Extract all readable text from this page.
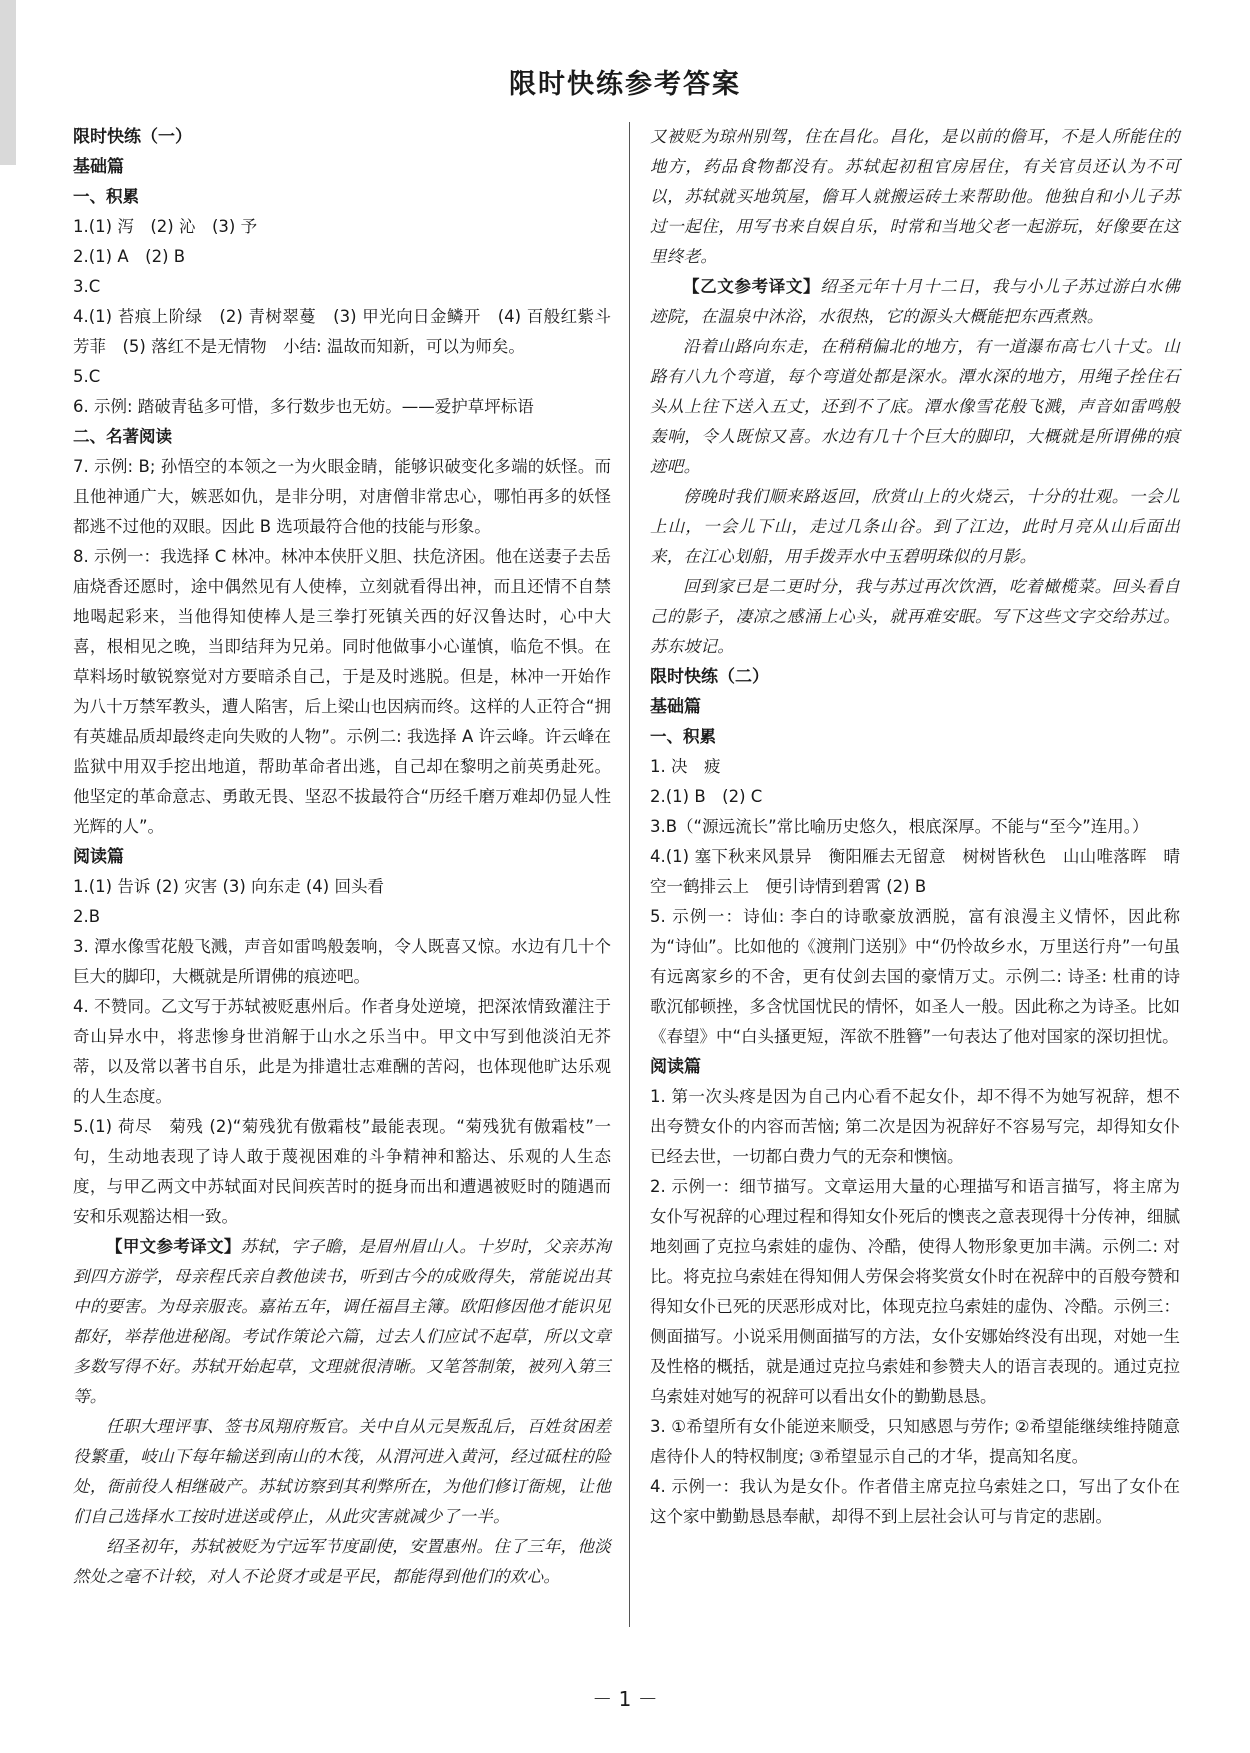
限时快练参考答案

限时快练（一）

基础篇

一、积累

1.(1) 泻　(2) 沁　(3) 予

2.(1) A　(2) B

3.C

4.(1) 苔痕上阶绿　(2) 青树翠蔓　(3) 甲光向日金鳞开　(4) 百般红紫斗芳菲　(5) 落红不是无情物　小结: 温故而知新，可以为师矣。

5.C

6. 示例: 踏破青毡多可惜，多行数步也无妨。——爱护草坪标语

二、名著阅读

7. 示例: B; 孙悟空的本领之一为火眼金睛，能够识破变化多端的妖怪。而且他神通广大，嫉恶如仇，是非分明，对唐僧非常忠心，哪怕再多的妖怪都逃不过他的双眼。因此 B 选项最符合他的技能与形象。

8. 示例一：我选择 C 林冲。林冲本侠肝义胆、扶危济困。他在送妻子去岳庙烧香还愿时，途中偶然见有人使棒，立刻就看得出神，而且还情不自禁地喝起彩来，当他得知使棒人是三拳打死镇关西的好汉鲁达时，心中大喜，根相见之晚，当即结拜为兄弟。同时他做事小心谨慎，临危不惧。在草料场时敏锐察觉对方要暗杀自己，于是及时逃脱。但是，林冲一开始作为八十万禁军教头，遭人陷害，后上梁山也因病而终。这样的人正符合“拥有英雄品质却最终走向失败的人物”。示例二: 我选择 A 许云峰。许云峰在监狱中用双手挖出地道，帮助革命者出逃，自己却在黎明之前英勇赴死。他坚定的革命意志、勇敢无畏、坚忍不拔最符合“历经千磨万难却仍显人性光辉的人”。

阅读篇

1.(1) 告诉 (2) 灾害 (3) 向东走 (4) 回头看

2.B

3. 潭水像雪花般飞溅，声音如雷鸣般轰响，令人既喜又惊。水边有几十个巨大的脚印，大概就是所谓佛的痕迹吧。

4. 不赞同。乙文写于苏轼被贬惠州后。作者身处逆境，把深浓情致灌注于奇山异水中，将悲惨身世消解于山水之乐当中。甲文中写到他淡泊无芥蒂，以及常以著书自乐，此是为排遣壮志难酬的苦闷，也体现他旷达乐观的人生态度。

5.(1) 荷尽　菊残 (2)“菊残犹有傲霜枝”最能表现。“菊残犹有傲霜枝”一句，生动地表现了诗人敢于蔑视困难的斗争精神和豁达、乐观的人生态度，与甲乙两文中苏轼面对民间疾苦时的挺身而出和遭遇被贬时的随遇而安和乐观豁达相一致。

【甲文参考译文】苏轼，字子瞻，是眉州眉山人。十岁时，父亲苏洵到四方游学，母亲程氏亲自教他读书，听到古今的成败得失，常能说出其中的要害。为母亲服丧。嘉祐五年，调任福昌主簿。欧阳修因他才能识见都好，举荐他进秘阁。考试作策论六篇，过去人们应试不起草，所以文章多数写得不好。苏轼开始起草，文理就很清晰。又笔答制策，被列入第三等。

任职大理评事、签书凤翔府叛官。关中自从元昊叛乱后，百姓贫困差役繁重，岐山下每年输送到南山的木筏，从渭河进入黄河，经过砥柱的险处，衙前役人相继破产。苏轼访察到其利弊所在，为他们修订衙规，让他们自己选择水工按时进送或停止，从此灾害就减少了一半。

绍圣初年，苏轼被贬为宁远军节度副使，安置惠州。住了三年，他淡然处之毫不计较，对人不论贤才或是平民，都能得到他们的欢心。

又被贬为琼州别驾，住在昌化。昌化，是以前的儋耳，不是人所能住的地方，药品食物都没有。苏轼起初租官房居住，有关官员还认为不可以，苏轼就买地筑屋，儋耳人就搬运砖土来帮助他。他独自和小儿子苏过一起住，用写书来自娱自乐，时常和当地父老一起游玩，好像要在这里终老。

【乙文参考译文】绍圣元年十月十二日，我与小儿子苏过游白水佛迹院，在温泉中沐浴，水很热，它的源头大概能把东西煮熟。

沿着山路向东走，在稍稍偏北的地方，有一道瀑布高七八十丈。山路有八九个弯道，每个弯道处都是深水。潭水深的地方，用绳子拴住石头从上往下送入五丈，还到不了底。潭水像雪花般飞溅，声音如雷鸣般轰响，令人既惊又喜。水边有几十个巨大的脚印，大概就是所谓佛的痕迹吧。

傍晚时我们顺来路返回，欣赏山上的火烧云，十分的壮观。一会儿上山，一会儿下山，走过几条山谷。到了江边，此时月亮从山后面出来，在江心划船，用手拨弄水中玉碧明珠似的月影。

回到家已是二更时分，我与苏过再次饮酒，吃着橄榄菜。回头看自己的影子，凄凉之感涌上心头，就再难安眠。写下这些文字交给苏过。苏东坡记。

限时快练（二）

基础篇

一、积累

1. 决　疲

2.(1) B　(2) C

3.B（“源远流长”常比喻历史悠久，根底深厚。不能与“至今”连用。）

4.(1) 塞下秋来风景异　衡阳雁去无留意　树树皆秋色　山山唯落晖　晴空一鹤排云上　便引诗情到碧霄 (2) B

5. 示例一：诗仙: 李白的诗歌豪放洒脱，富有浪漫主义情怀，因此称为“诗仙”。比如他的《渡荆门送别》中“仍怜故乡水，万里送行舟”一句虽有远离家乡的不舍，更有仗剑去国的豪情万丈。示例二: 诗圣: 杜甫的诗歌沉郁顿挫，多含忧国忧民的情怀，如圣人一般。因此称之为诗圣。比如《春望》中“白头搔更短，浑欲不胜簪”一句表达了他对国家的深切担忧。

阅读篇

1. 第一次头疼是因为自己内心看不起女仆，却不得不为她写祝辞，想不出夸赞女仆的内容而苦恼; 第二次是因为祝辞好不容易写完，却得知女仆已经去世，一切都白费力气的无奈和懊恼。

2. 示例一：细节描写。文章运用大量的心理描写和语言描写，将主席为女仆写祝辞的心理过程和得知女仆死后的懊丧之意表现得十分传神，细腻地刻画了克拉乌索娃的虚伪、冷酷，使得人物形象更加丰满。示例二: 对比。将克拉乌索娃在得知佣人劳保会将奖赏女仆时在祝辞中的百般夸赞和得知女仆已死的厌恶形成对比，体现克拉乌索娃的虚伪、冷酷。示例三：侧面描写。小说采用侧面描写的方法，女仆安娜始终没有出现，对她一生及性格的概括，就是通过克拉乌索娃和参赞夫人的语言表现的。通过克拉乌索娃对她写的祝辞可以看出女仆的勤勤恳恳。

3. ①希望所有女仆能逆来顺受，只知感恩与劳作; ②希望能继续维持随意虐待仆人的特权制度; ③希望显示自己的才华，提高知名度。

4. 示例一：我认为是女仆。作者借主席克拉乌索娃之口，写出了女仆在这个家中勤勤恳恳奉献，却得不到上层社会认可与肯定的悲剧。

－ 1 －
